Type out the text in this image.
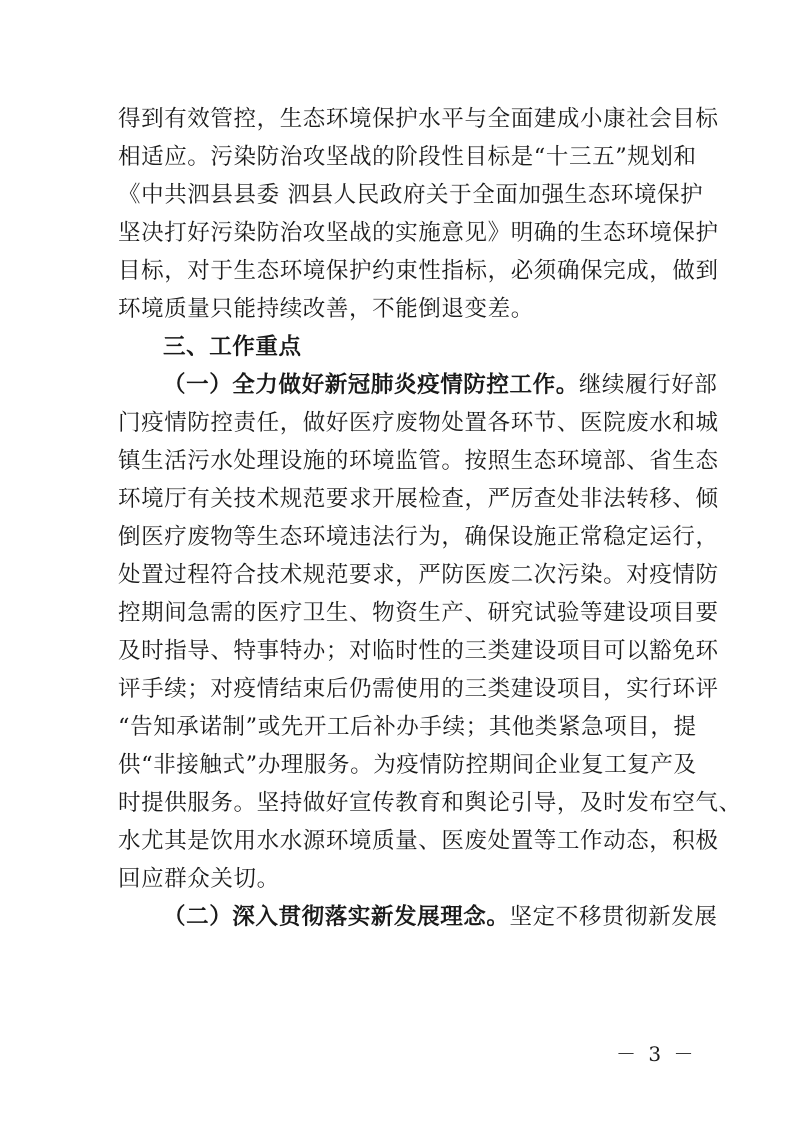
得到有效管控，生态环境保护水平与全面建成小康社会目标
相适应。污染防治攻坚战的阶段性目标是“十三五”规划和
《中共泗县县委 泗县人民政府关于全面加强生态环境保护
坚决打好污染防治攻坚战的实施意见》明确的生态环境保护
目标，对于生态环境保护约束性指标，必须确保完成，做到
环境质量只能持续改善，不能倒退变差。
三、工作重点
（一）全力做好新冠肺炎疫情防控工作。继续履行好部
门疫情防控责任，做好医疗废物处置各环节、医院废水和城
镇生活污水处理设施的环境监管。按照生态环境部、省生态
环境厅有关技术规范要求开展检查，严厉查处非法转移、倾
倒医疗废物等生态环境违法行为，确保设施正常稳定运行，
处置过程符合技术规范要求，严防医废二次污染。对疫情防
控期间急需的医疗卫生、物资生产、研究试验等建设项目要
及时指导、特事特办；对临时性的三类建设项目可以豁免环
评手续；对疫情结束后仍需使用的三类建设项目，实行环评
“告知承诺制”或先开工后补办手续；其他类紧急项目，提
供“非接触式”办理服务。为疫情防控期间企业复工复产及
时提供服务。坚持做好宣传教育和舆论引导，及时发布空气、
水尤其是饮用水水源环境质量、医废处置等工作动态，积极
回应群众关切。
（二）深入贯彻落实新发展理念。坚定不移贯彻新发展
－ 3 －
